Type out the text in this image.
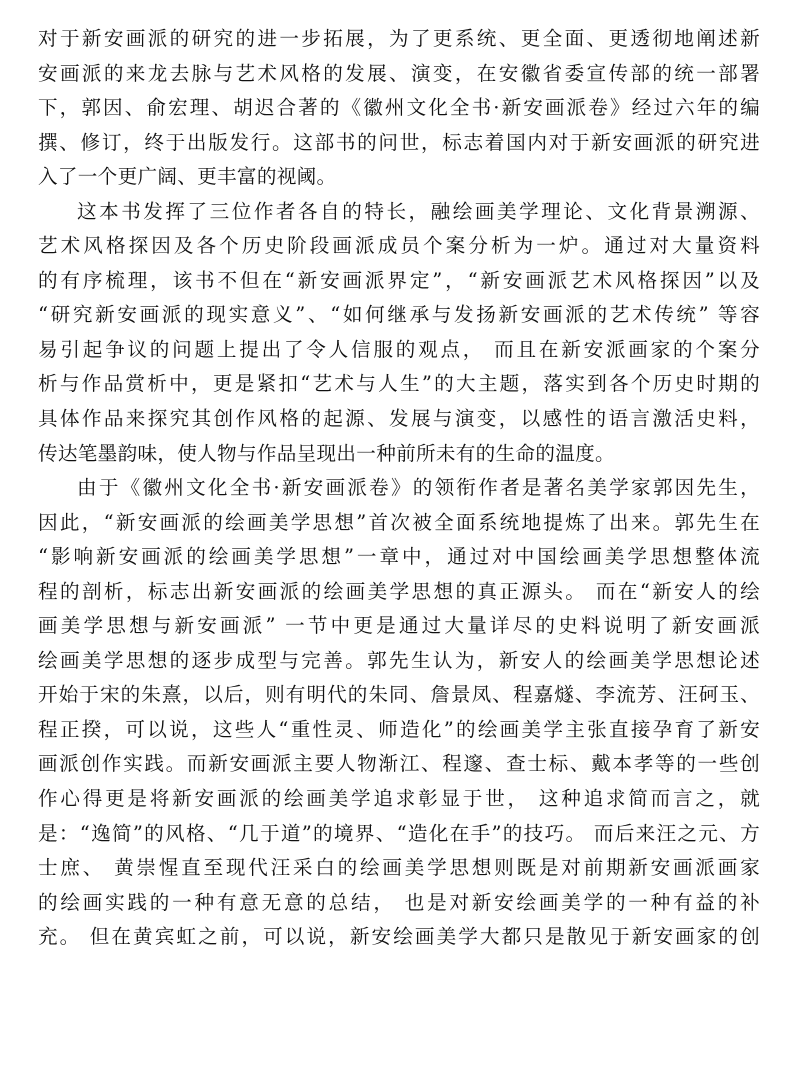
对于新安画派的研究的进一步拓展，为了更系统、更全面、更透彻地阐述新
安画派的来龙去脉与艺术风格的发展、演变，在安徽省委宣传部的统一部署
下，郭因、俞宏理、胡迟合著的《徽州文化全书·新安画派卷》经过六年的编
撰、修订，终于出版发行。这部书的问世，标志着国内对于新安画派的研究进
入了一个更广阔、更丰富的视阈。
这本书发挥了三位作者各自的特长，融绘画美学理论、文化背景溯源、
艺术风格探因及各个历史阶段画派成员个案分析为一炉。通过对大量资料
的有序梳理，该书不但在“新安画派界定”，“新安画派艺术风格探因”以及
“研究新安画派的现实意义”、“如何继承与发扬新安画派的艺术传统” 等容
易引起争议的问题上提出了令人信服的观点， 而且在新安派画家的个案分
析与作品赏析中，更是紧扣“艺术与人生”的大主题，落实到各个历史时期的
具体作品来探究其创作风格的起源、发展与演变，以感性的语言激活史料，
传达笔墨韵味，使人物与作品呈现出一种前所未有的生命的温度。
由于《徽州文化全书·新安画派卷》的领衔作者是著名美学家郭因先生，
因此，“新安画派的绘画美学思想”首次被全面系统地提炼了出来。郭先生在
“影响新安画派的绘画美学思想”一章中，通过对中国绘画美学思想整体流
程的剖析，标志出新安画派的绘画美学思想的真正源头。 而在“新安人的绘
画美学思想与新安画派” 一节中更是通过大量详尽的史料说明了新安画派
绘画美学思想的逐步成型与完善。郭先生认为，新安人的绘画美学思想论述
开始于宋的朱熹，以后，则有明代的朱同、詹景凤、程嘉燧、李流芳、汪砢玉、
程正揆，可以说，这些人“重性灵、师造化”的绘画美学主张直接孕育了新安
画派创作实践。而新安画派主要人物渐江、程邃、查士标、戴本孝等的一些创
作心得更是将新安画派的绘画美学追求彰显于世， 这种追求简而言之，就
是：“逸简”的风格、“几于道”的境界、“造化在手”的技巧。 而后来汪之元、方
士庶、 黄崇惺直至现代汪采白的绘画美学思想则既是对前期新安画派画家
的绘画实践的一种有意无意的总结， 也是对新安绘画美学的一种有益的补
充。 但在黄宾虹之前，可以说，新安绘画美学大都只是散见于新安画家的创
